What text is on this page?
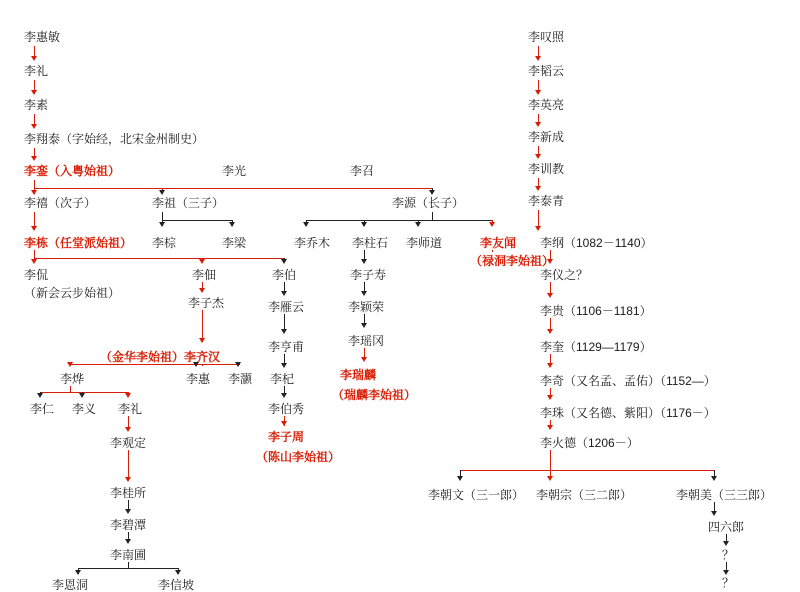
李惠敏
李礼
李素
李翔泰（字始经，北宋金州制史）
李銮（入粤始祖）	李光	李召
李禧（次子）	李祖（三子）	李源（长子）
李栋（任堂派始祖） 李棕	李梁	李乔木 李柱石 李师道	李友闻
（禄洞李始祖）
李侃
（新会云步始祖）
李佃	李伯	李子寿
李子杰	李雁云	李颖荣
（金华李始祖）李齐汉
李亨甫	李瑶冈
李烨	李惠 李灏 李杞	李瑞麟
（瑞麟李始祖）
李仁 李义 李礼	李伯秀
李观定	李子周
（陈山李始祖）
李桂所
李碧潭
李南圃
李恩洞	李信坡
李叹照
李韬云
李英亮
李新成
李训教
李泰青
李纲（1082－1140）
李仪之？
李贵（1106－1181）
李奎（1129—1179）
李奇（又名孟、孟佑）（1152—）
李珠（又名德、紫阳）（1176－）
李火德（1206－）
李朝文（三一郎） 李朝宗（三二郎）	李朝美（三三郎）
四六郎
？
？
